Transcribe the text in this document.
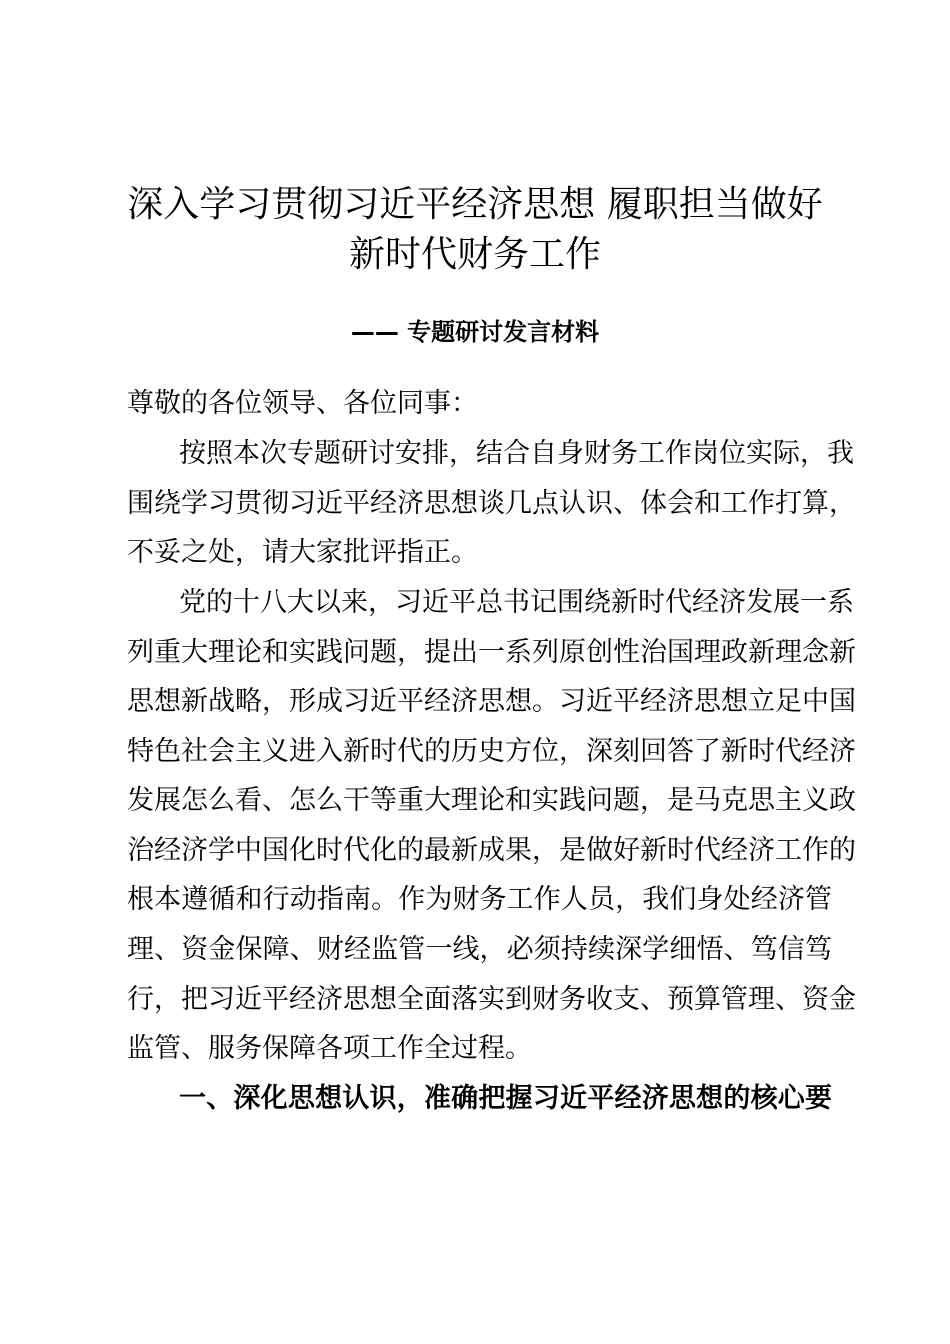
深入学习贯彻习近平经济思想 履职担当做好
新时代财务工作
—— 专题研讨发言材料
尊敬的各位领导、各位同事：
按照本次专题研讨安排，结合自身财务工作岗位实际，我
围绕学习贯彻习近平经济思想谈几点认识、体会和工作打算，
不妥之处，请大家批评指正。
党的十八大以来，习近平总书记围绕新时代经济发展一系
列重大理论和实践问题，提出一系列原创性治国理政新理念新
思想新战略，形成习近平经济思想。习近平经济思想立足中国
特色社会主义进入新时代的历史方位，深刻回答了新时代经济
发展怎么看、怎么干等重大理论和实践问题，是马克思主义政
治经济学中国化时代化的最新成果，是做好新时代经济工作的
根本遵循和行动指南。作为财务工作人员，我们身处经济管
理、资金保障、财经监管一线，必须持续深学细悟、笃信笃
行，把习近平经济思想全面落实到财务收支、预算管理、资金
监管、服务保障各项工作全过程。
一、深化思想认识，准确把握习近平经济思想的核心要
